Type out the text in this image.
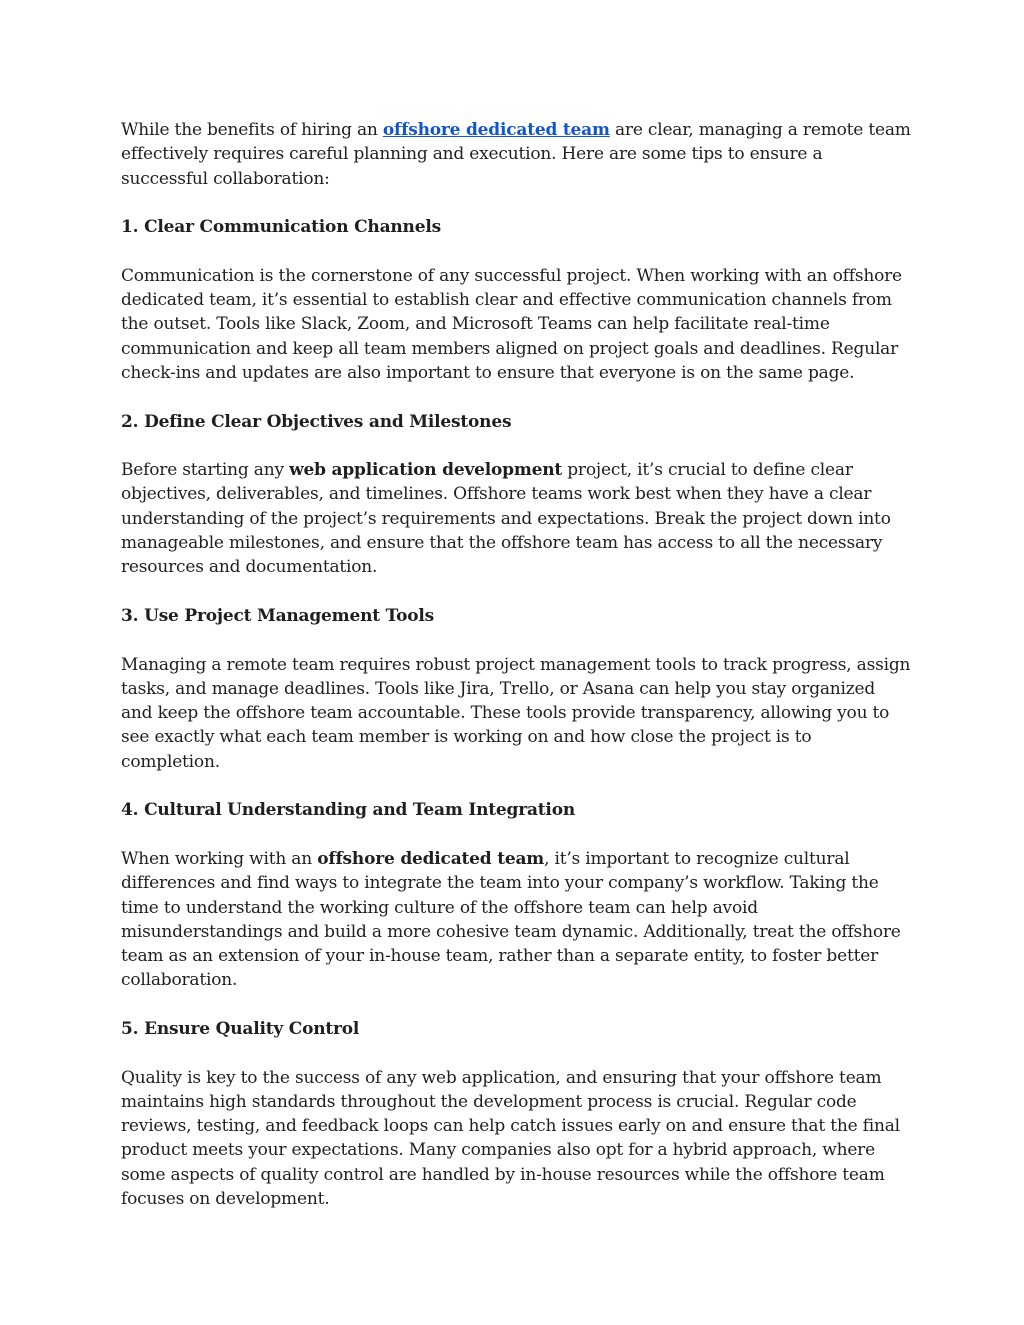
While the benefits of hiring an offshore dedicated team are clear, managing a remote team effectively requires careful planning and execution. Here are some tips to ensure a successful collaboration:

1. Clear Communication Channels

Communication is the cornerstone of any successful project. When working with an offshore dedicated team, it’s essential to establish clear and effective communication channels from the outset. Tools like Slack, Zoom, and Microsoft Teams can help facilitate real-time communication and keep all team members aligned on project goals and deadlines. Regular check-ins and updates are also important to ensure that everyone is on the same page.

2. Define Clear Objectives and Milestones

Before starting any web application development project, it’s crucial to define clear objectives, deliverables, and timelines. Offshore teams work best when they have a clear understanding of the project’s requirements and expectations. Break the project down into manageable milestones, and ensure that the offshore team has access to all the necessary resources and documentation.

3. Use Project Management Tools

Managing a remote team requires robust project management tools to track progress, assign tasks, and manage deadlines. Tools like Jira, Trello, or Asana can help you stay organized and keep the offshore team accountable. These tools provide transparency, allowing you to see exactly what each team member is working on and how close the project is to completion.

4. Cultural Understanding and Team Integration

When working with an offshore dedicated team, it’s important to recognize cultural differences and find ways to integrate the team into your company’s workflow. Taking the time to understand the working culture of the offshore team can help avoid misunderstandings and build a more cohesive team dynamic. Additionally, treat the offshore team as an extension of your in-house team, rather than a separate entity, to foster better collaboration.

5. Ensure Quality Control

Quality is key to the success of any web application, and ensuring that your offshore team maintains high standards throughout the development process is crucial. Regular code reviews, testing, and feedback loops can help catch issues early on and ensure that the final product meets your expectations. Many companies also opt for a hybrid approach, where some aspects of quality control are handled by in-house resources while the offshore team focuses on development.
